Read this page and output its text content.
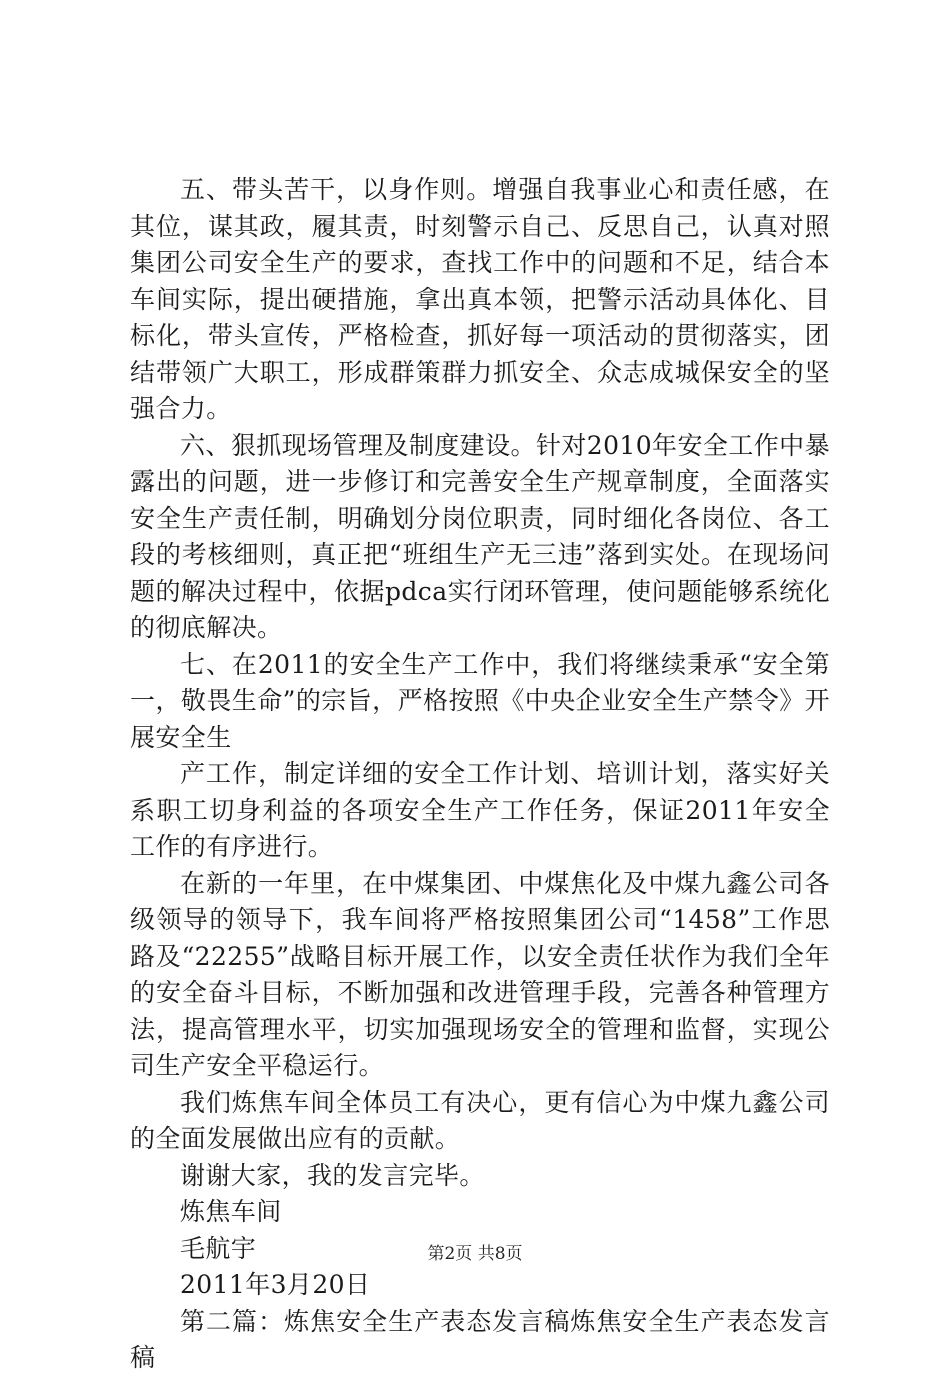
五、带头苦干，以身作则。增强自我事业心和责任感，在其位，谋其政，履其责，时刻警示自己、反思自己，认真对照集团公司安全生产的要求，查找工作中的问题和不足，结合本车间实际，提出硬措施，拿出真本领，把警示活动具体化、目标化，带头宣传，严格检查，抓好每一项活动的贯彻落实，团结带领广大职工，形成群策群力抓安全、众志成城保安全的坚强合力。

六、狠抓现场管理及制度建设。针对2010年安全工作中暴露出的问题，进一步修订和完善安全生产规章制度，全面落实安全生产责任制，明确划分岗位职责，同时细化各岗位、各工段的考核细则，真正把“班组生产无三违”落到实处。在现场问题的解决过程中，依据pdca实行闭环管理，使问题能够系统化的彻底解决。

七、在2011的安全生产工作中，我们将继续秉承“安全第一，敬畏生命”的宗旨，严格按照《中央企业安全生产禁令》开展安全生

产工作，制定详细的安全工作计划、培训计划，落实好关系职工切身利益的各项安全生产工作任务，保证2011年安全工作的有序进行。

在新的一年里，在中煤集团、中煤焦化及中煤九鑫公司各级领导的领导下，我车间将严格按照集团公司“1458”工作思路及“22255”战略目标开展工作，以安全责任状作为我们全年的安全奋斗目标，不断加强和改进管理手段，完善各种管理方法，提高管理水平，切实加强现场安全的管理和监督，实现公司生产安全平稳运行。

我们炼焦车间全体员工有决心，更有信心为中煤九鑫公司的全面发展做出应有的贡献。

谢谢大家，我的发言完毕。

炼焦车间

毛航宇

2011年3月20日

第二篇：炼焦安全生产表态发言稿炼焦安全生产表态发言稿

第2页 共8页
